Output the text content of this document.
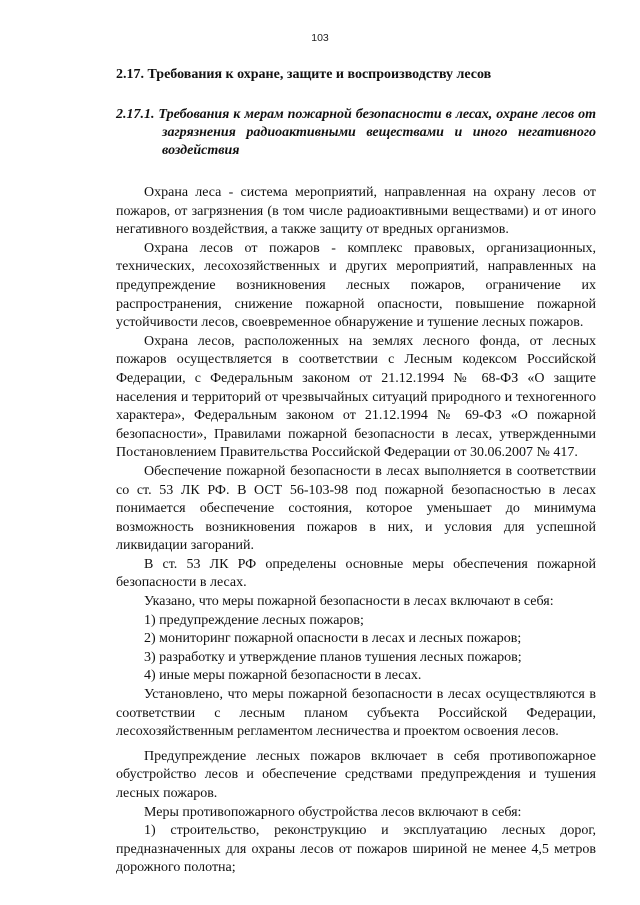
103

2.17. Требования к охране, защите и воспроизводству лесов

2.17.1. Требования к мерам пожарной безопасности в лесах, охране лесов от загрязнения радиоактивными веществами и иного негативного воздействия

Охрана леса - система мероприятий, направленная на охрану лесов от пожаров, от загрязнения (в том числе радиоактивными веществами) и от иного негативного воздействия, а также защиту от вредных организмов.

Охрана лесов от пожаров - комплекс правовых, организационных, технических, лесохозяйственных и других мероприятий, направленных на предупреждение возникновения лесных пожаров, ограничение их распространения, снижение пожарной опасности, повышение пожарной устойчивости лесов, своевременное обнаружение и тушение лесных пожаров.

Охрана лесов, расположенных на землях лесного фонда, от лесных пожаров осуществляется в соответствии с Лесным кодексом Российской Федерации, с Федеральным законом от 21.12.1994 № 68-ФЗ «О защите населения и территорий от чрезвычайных ситуаций природного и техногенного характера», Федеральным законом от 21.12.1994 № 69-ФЗ «О пожарной безопасности», Правилами пожарной безопасности в лесах, утвержденными Постановлением Правительства Российской Федерации от 30.06.2007 № 417.

Обеспечение пожарной безопасности в лесах выполняется в соответствии со ст. 53 ЛК РФ. В ОСТ 56-103-98 под пожарной безопасностью в лесах понимается обеспечение состояния, которое уменьшает до минимума возможность возникновения пожаров в них, и условия для успешной ликвидации загораний.

В ст. 53 ЛК РФ определены основные меры обеспечения пожарной безопасности в лесах.

Указано, что меры пожарной безопасности в лесах включают в себя:

1) предупреждение лесных пожаров;

2) мониторинг пожарной опасности в лесах и лесных пожаров;

3) разработку и утверждение планов тушения лесных пожаров;

4) иные меры пожарной безопасности в лесах.

Установлено, что меры пожарной безопасности в лесах осуществляются в соответствии с лесным планом субъекта Российской Федерации, лесохозяйственным регламентом лесничества и проектом освоения лесов.

Предупреждение лесных пожаров включает в себя противопожарное обустройство лесов и обеспечение средствами предупреждения и тушения лесных пожаров.

Меры противопожарного обустройства лесов включают в себя:

1) строительство, реконструкцию и эксплуатацию лесных дорог, предназначенных для охраны лесов от пожаров шириной не менее 4,5 метров дорожного полотна;
